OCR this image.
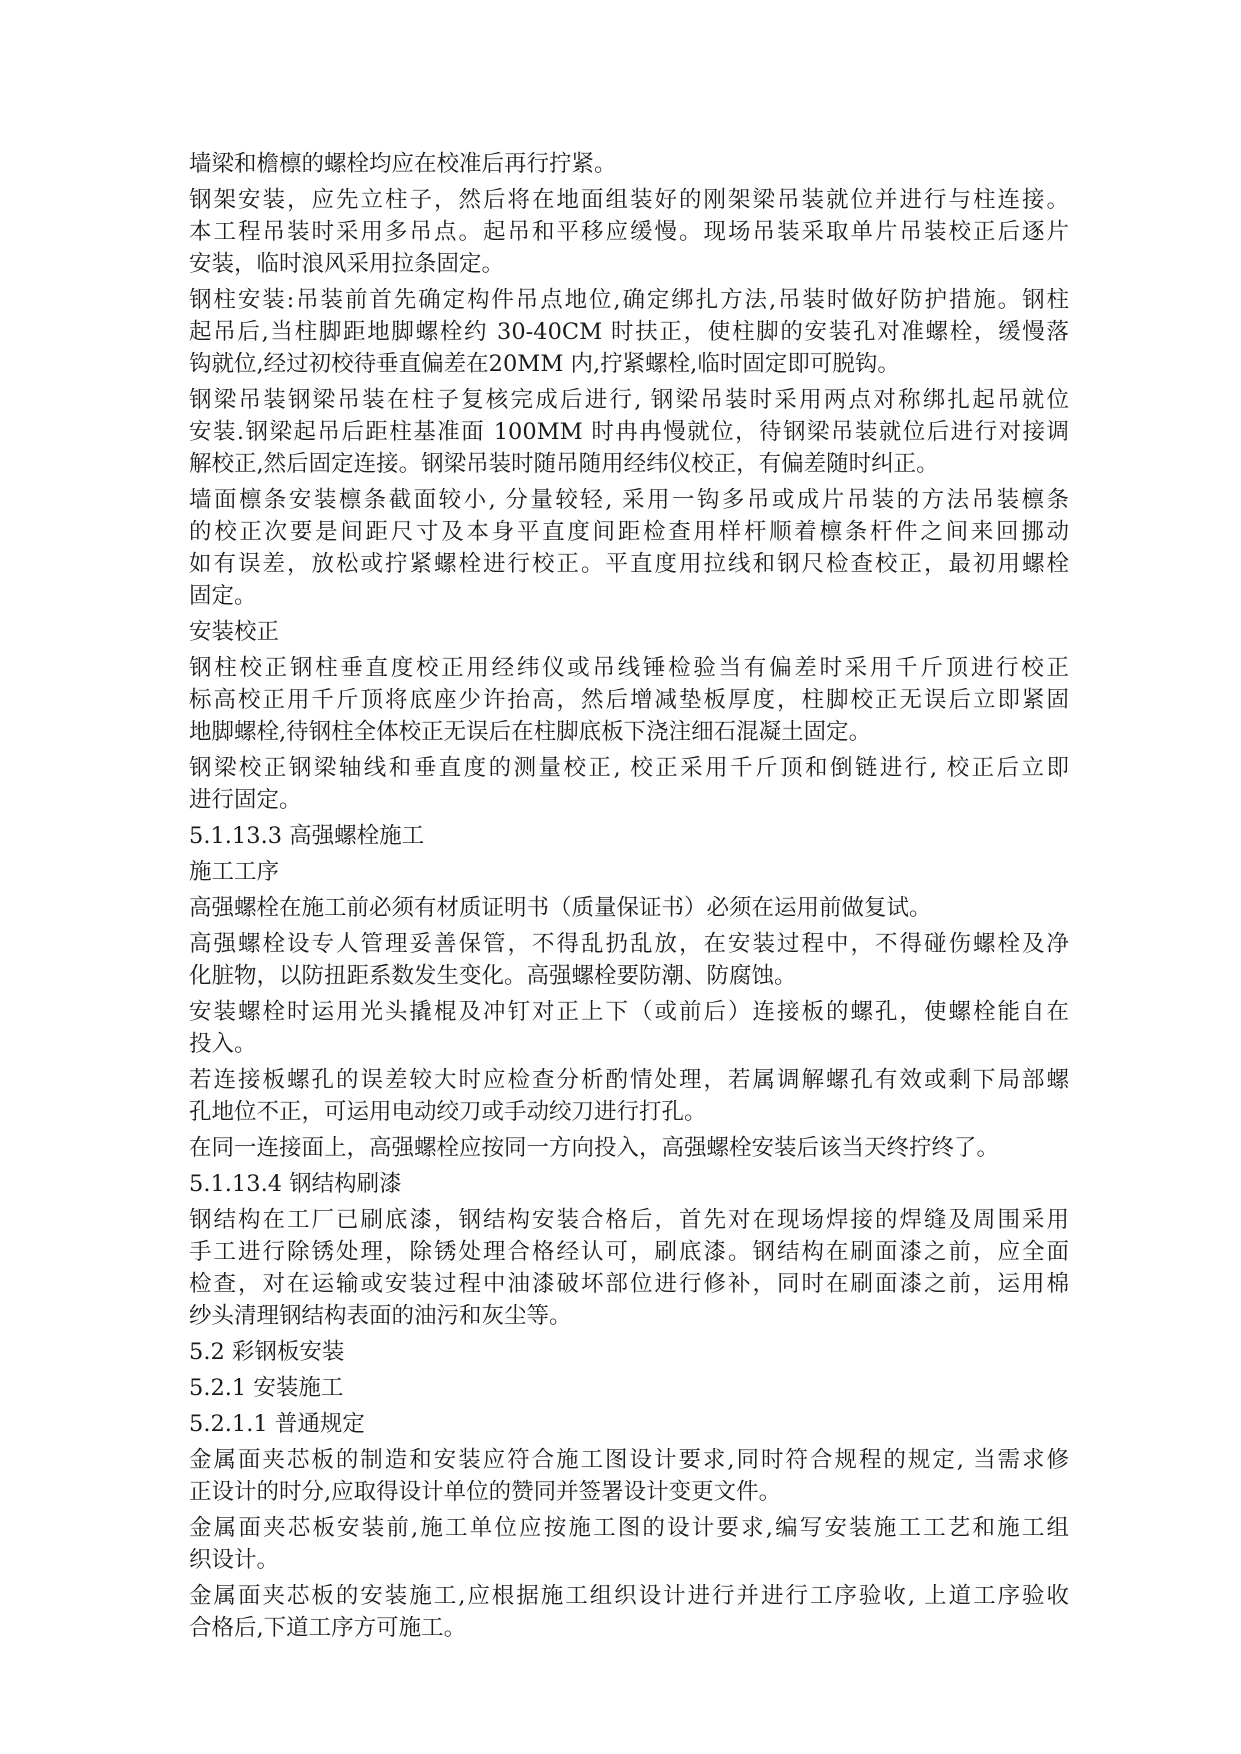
墙梁和檐檩的螺栓均应在校准后再行拧紧。
钢架安装，应先立柱子，然后将在地面组装好的刚架梁吊装就位并进行与柱连接。
本工程吊装时采用多吊点。起吊和平移应缓慢。现场吊装采取单片吊装校正后逐片
安装，临时浪风采用拉条固定。
钢柱安装:吊装前首先确定构件吊点地位,确定绑扎方法,吊装时做好防护措施。钢柱
起吊后,当柱脚距地脚螺栓约 30-40CM 时扶正，使柱脚的安装孔对准螺栓，缓慢落
钩就位,经过初校待垂直偏差在20MM 内,拧紧螺栓,临时固定即可脱钩。
钢梁吊装钢梁吊装在柱子复核完成后进行, 钢梁吊装时采用两点对称绑扎起吊就位
安装.钢梁起吊后距柱基准面 100MM 时冉冉慢就位，待钢梁吊装就位后进行对接调
解校正,然后固定连接。钢梁吊装时随吊随用经纬仪校正，有偏差随时纠正。
墙面檩条安装檩条截面较小, 分量较轻, 采用一钩多吊或成片吊装的方法吊装檩条
的校正次要是间距尺寸及本身平直度间距检查用样杆顺着檩条杆件之间来回挪动
如有误差，放松或拧紧螺栓进行校正。平直度用拉线和钢尺检查校正，最初用螺栓
固定。
安装校正
钢柱校正钢柱垂直度校正用经纬仪或吊线锤检验当有偏差时采用千斤顶进行校正
标高校正用千斤顶将底座少许抬高，然后增减垫板厚度，柱脚校正无误后立即紧固
地脚螺栓,待钢柱全体校正无误后在柱脚底板下浇注细石混凝土固定。
钢梁校正钢梁轴线和垂直度的测量校正, 校正采用千斤顶和倒链进行, 校正后立即
进行固定。
5.1.13.3 高强螺栓施工
施工工序
高强螺栓在施工前必须有材质证明书（质量保证书）必须在运用前做复试。
高强螺栓设专人管理妥善保管，不得乱扔乱放，在安装过程中，不得碰伤螺栓及净
化脏物，以防扭距系数发生变化。高强螺栓要防潮、防腐蚀。
安装螺栓时运用光头撬棍及冲钉对正上下（或前后）连接板的螺孔，使螺栓能自在
投入。
若连接板螺孔的误差较大时应检查分析酌情处理，若属调解螺孔有效或剩下局部螺
孔地位不正，可运用电动绞刀或手动绞刀进行打孔。
在同一连接面上，高强螺栓应按同一方向投入，高强螺栓安装后该当天终拧终了。
5.1.13.4 钢结构刷漆
钢结构在工厂已刷底漆，钢结构安装合格后，首先对在现场焊接的焊缝及周围采用
手工进行除锈处理，除锈处理合格经认可，刷底漆。钢结构在刷面漆之前，应全面
检查，对在运输或安装过程中油漆破坏部位进行修补，同时在刷面漆之前，运用棉
纱头清理钢结构表面的油污和灰尘等。
5.2 彩钢板安装
5.2.1 安装施工
5.2.1.1 普通规定
金属面夹芯板的制造和安装应符合施工图设计要求,同时符合规程的规定, 当需求修
正设计的时分,应取得设计单位的赞同并签署设计变更文件。
金属面夹芯板安装前,施工单位应按施工图的设计要求,编写安装施工工艺和施工组
织设计。
金属面夹芯板的安装施工,应根据施工组织设计进行并进行工序验收, 上道工序验收
合格后,下道工序方可施工。
